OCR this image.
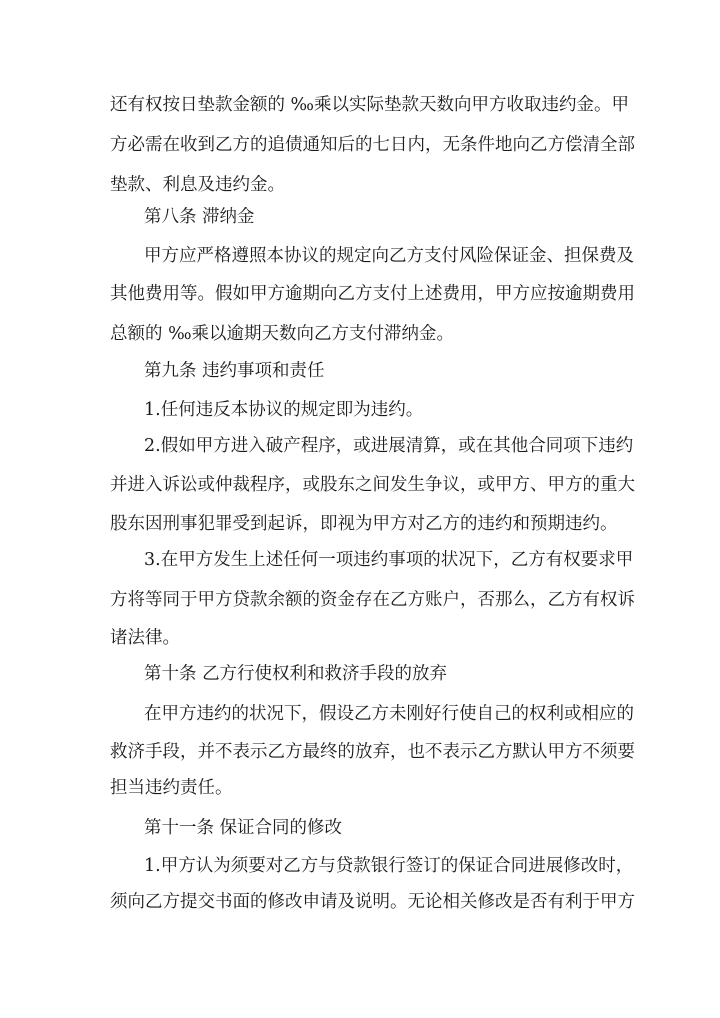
还有权按日垫款金额的 ‰乘以实际垫款天数向甲方收取违约金。甲
方必需在收到乙方的追债通知后的七日内，无条件地向乙方偿清全部
垫款、利息及违约金。
第八条 滞纳金
甲方应严格遵照本协议的规定向乙方支付风险保证金、担保费及
其他费用等。假如甲方逾期向乙方支付上述费用，甲方应按逾期费用
总额的 ‰乘以逾期天数向乙方支付滞纳金。
第九条 违约事项和责任
1.任何违反本协议的规定即为违约。
2.假如甲方进入破产程序，或进展清算，或在其他合同项下违约
并进入诉讼或仲裁程序，或股东之间发生争议，或甲方、甲方的重大
股东因刑事犯罪受到起诉，即视为甲方对乙方的违约和预期违约。
3.在甲方发生上述任何一项违约事项的状况下，乙方有权要求甲
方将等同于甲方贷款余额的资金存在乙方账户，否那么，乙方有权诉
诸法律。
第十条 乙方行使权利和救济手段的放弃
在甲方违约的状况下，假设乙方未刚好行使自己的权利或相应的
救济手段，并不表示乙方最终的放弃，也不表示乙方默认甲方不须要
担当违约责任。
第十一条 保证合同的修改
1.甲方认为须要对乙方与贷款银行签订的保证合同进展修改时，
须向乙方提交书面的修改申请及说明。无论相关修改是否有利于甲方
